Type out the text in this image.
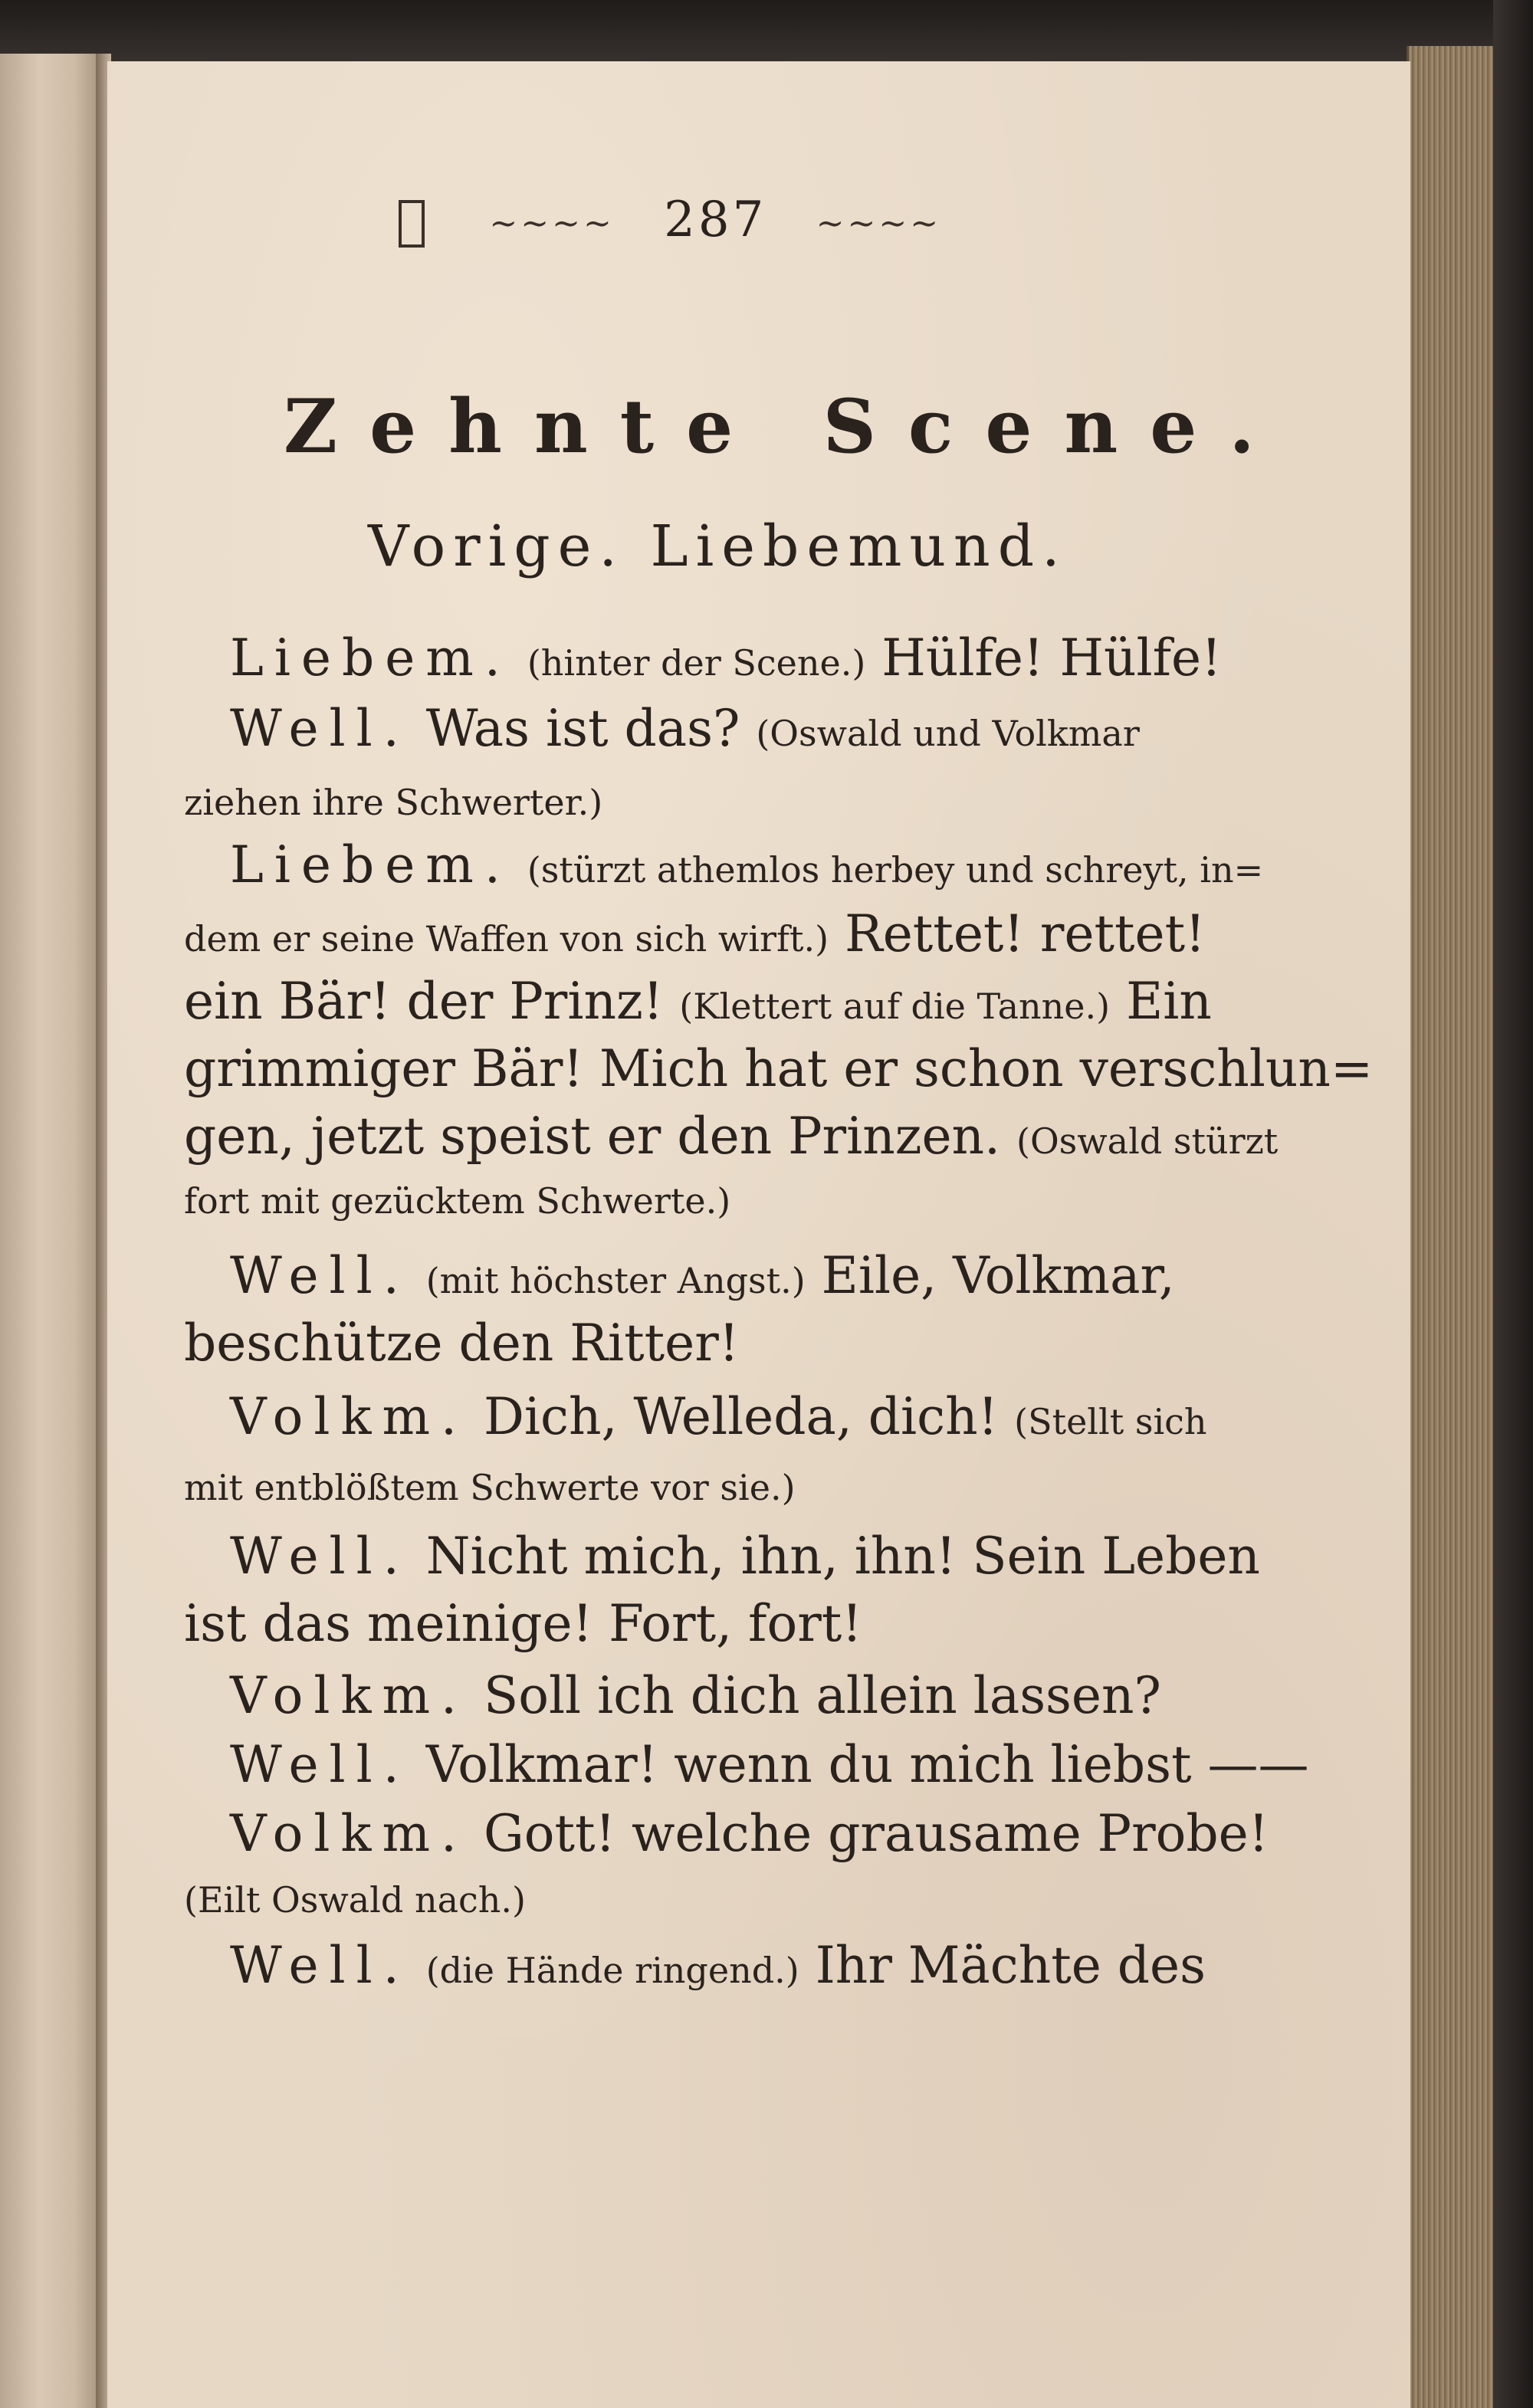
~~~~ 287 ~~~~
Zehnte Scene.
Vorige. Liebemund.
Liebem. (hinter der Scene.) Hülfe! Hülfe!
Well. Was ist das? (Oswald und Volkmar
ziehen ihre Schwerter.)
Liebem. (stürzt athemlos herbey und schreyt, in=
dem er seine Waffen von sich wirft.) Rettet! rettet!
ein Bär! der Prinz! (Klettert auf die Tanne.) Ein
grimmiger Bär! Mich hat er schon verschlun=
gen, jetzt speist er den Prinzen. (Oswald stürzt
fort mit gezücktem Schwerte.)
Well. (mit höchster Angst.) Eile, Volkmar,
beschütze den Ritter!
Volkm. Dich, Welleda, dich! (Stellt sich
mit entblößtem Schwerte vor sie.)
Well. Nicht mich, ihn, ihn! Sein Leben
ist das meinige! Fort, fort!
Volkm. Soll ich dich allein lassen?
Well. Volkmar! wenn du mich liebst ——
Volkm. Gott! welche grausame Probe!
(Eilt Oswald nach.)
Well. (die Hände ringend.) Ihr Mächte des
